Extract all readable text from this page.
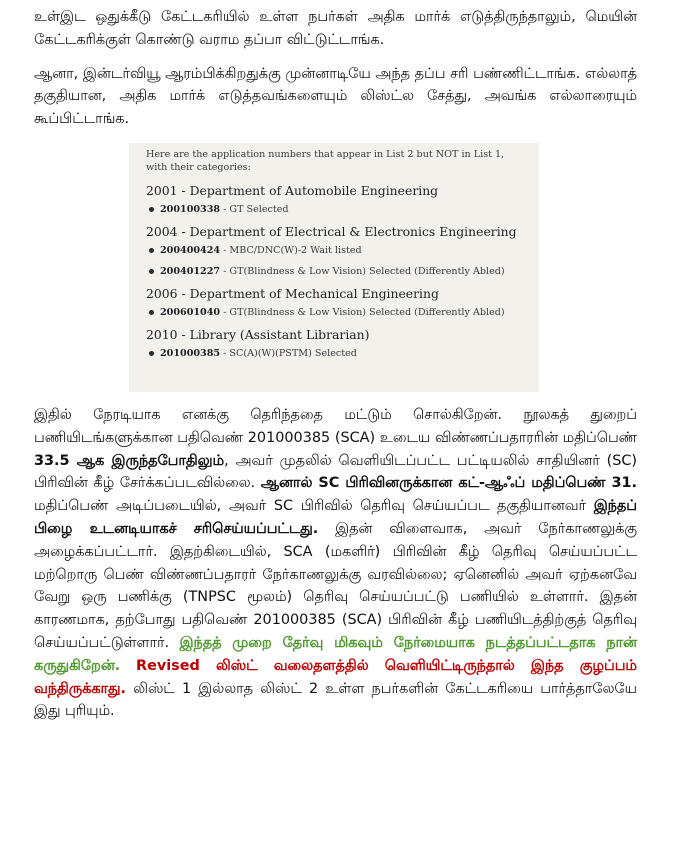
உள்இட ஒதுக்கீடு கேட்டகரியில் உள்ள நபர்கள் அதிக மார்க் எடுத்திருந்தாலும், மெயின் கேட்டகரிக்குள் கொண்டு வராம தப்பா விட்டுட்டாங்க.

ஆனா, இன்டர்வியூ ஆரம்பிக்கிறதுக்கு முன்னாடியே அந்த தப்ப சரி பண்ணிட்டாங்க. எல்லாத் தகுதியான, அதிக மார்க் எடுத்தவங்களையும் லிஸ்ட்ல சேத்து, அவங்க எல்லாரையும் கூப்பிட்டாங்க.

Here are the application numbers that appear in List 2 but NOT in List 1, with their categories:

2001 - Department of Automobile Engineering

200100338 - GT Selected

2004 - Department of Electrical & Electronics Engineering

200400424 - MBC/DNC(W)-2 Wait listed
200401227 - GT(Blindness & Low Vision) Selected (Differently Abled)

2006 - Department of Mechanical Engineering

200601040 - GT(Blindness & Low Vision) Selected (Differently Abled)

2010 - Library (Assistant Librarian)

201000385 - SC(A)(W)(PSTM) Selected

இதில் நேரடியாக எனக்கு தெரிந்ததை மட்டும் சொல்கிறேன். நூலகத் துறைப் பணியிடங்களுக்கான பதிவெண் 201000385 (SCA) உடைய விண்ணப்பதாரரின் மதிப்பெண் 33.5 ஆக இருந்தபோதிலும், அவர் முதலில் வெளியிடப்பட்ட பட்டியலில் சாதியினர் (SC) பிரிவின் கீழ் சேர்க்கப்படவில்லை. ஆனால் SC பிரிவினருக்கான கட்-ஆஃப் மதிப்பெண் 31. மதிப்பெண் அடிப்படையில், அவர் SC பிரிவில் தெரிவு செய்யப்பட தகுதியானவர் இந்தப் பிழை உடனடியாகச் சரிசெய்யப்பட்டது. இதன் விளைவாக, அவர் நேர்காணலுக்கு அழைக்கப்பட்டார். இதற்கிடையில், SCA (மகளிர்) பிரிவின் கீழ் தெரிவு செய்யப்பட்ட மற்றொரு பெண் விண்ணப்பதாரர் நேர்காணலுக்கு வரவில்லை; ஏனெனில் அவர் ஏற்கனவே வேறு ஒரு பணிக்கு (TNPSC மூலம்) தெரிவு செய்யப்பட்டு பணியில் உள்ளார். இதன் காரணமாக, தற்போது பதிவெண் 201000385 (SCA) பிரிவின் கீழ் பணியிடத்திற்குத் தெரிவு செய்யப்பட்டுள்ளார். இந்தத் முறை தேர்வு மிகவும் நேர்மையாக நடத்தப்பட்டதாக நான் கருதுகிறேன். Revised லிஸ்ட் வலைதளத்தில் வெளியிட்டிருந்தால் இந்த குழப்பம் வந்திருக்காது. லிஸ்ட் 1 இல்லாத லிஸ்ட் 2 உள்ள நபர்களின் கேட்டகரியை பார்த்தாலேயே இது புரியும்.
